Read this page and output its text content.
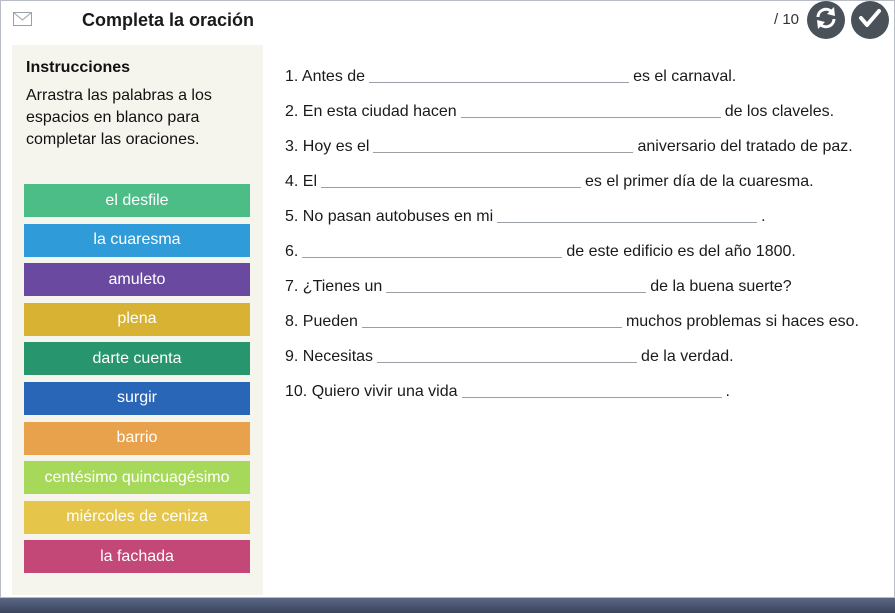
Completa la oración	/ 10
Instrucciones
Arrastra las palabras a los espacios en blanco para completar las oraciones.
el desfile
la cuaresma
amuleto
plena
darte cuenta
surgir
barrio
centésimo quincuagésimo
miércoles de ceniza
la fachada
1. Antes de	es el carnaval.
2. En esta ciudad hacen	de los claveles.
3. Hoy es el	aniversario del tratado de paz.
4. El	es el primer día de la cuaresma.
5. No pasan autobuses en mi	.
6.	de este edificio es del año 1800.
7. ¿Tienes un	de la buena suerte?
8. Pueden	muchos problemas si haces eso.
9. Necesitas	de la verdad.
10. Quiero vivir una vida	.
